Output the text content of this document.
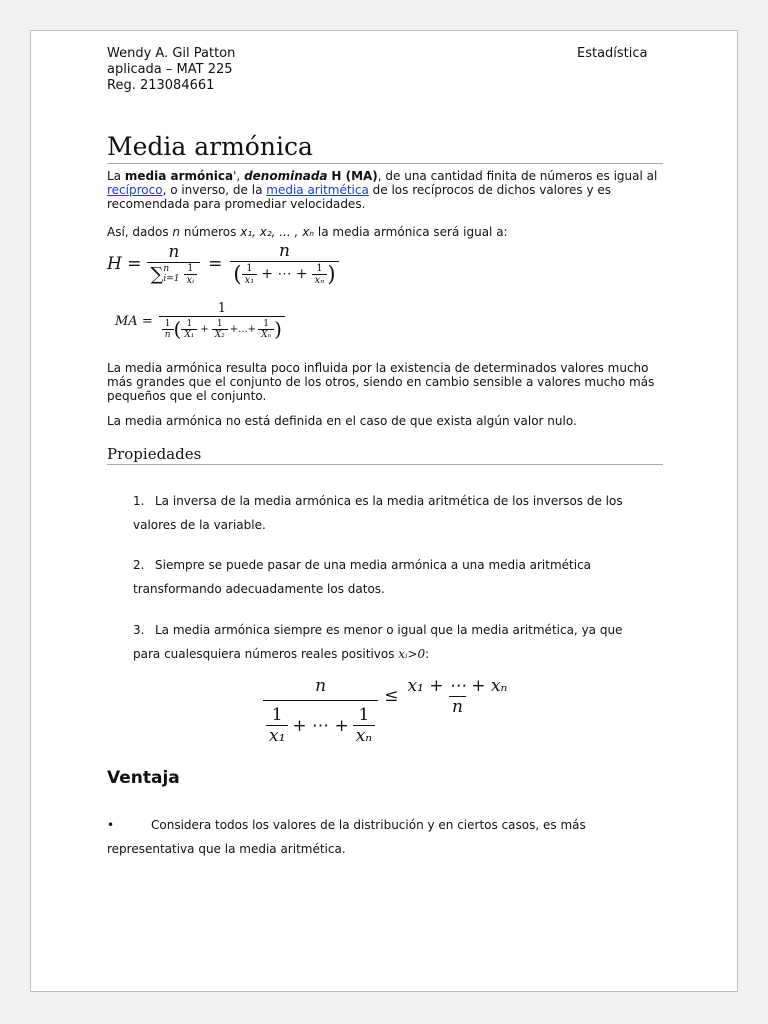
Wendy A. Gil Patton
aplicada – MAT 225
Reg. 213084661
Estadística
Media armónica

La media armónica', denominada H (MA), de una cantidad finita de números es igual al recíproco, o inverso, de la media aritmética de los recíprocos de dichos valores y es recomendada para promediar velocidades.

Así, dados n números x₁, x₂, ... , xₙ la media armónica será igual a:

H =
n
∑ n
$i=1 \frac{1}{\text{xᵢ}}$ =
n
( $\frac{1}{\text{x₁}}$ + ⋯ + $\frac{1}{\text{xₙ}}$ )
MA =
1
$\frac{1}{n}$ ( $\frac{1}{\text{X₁}} + \frac{1}{\text{X₂}}$ +...+ $\frac{1}{\text{Xₙ}}$ )

La media armónica resulta poco influida por la existencia de determinados valores mucho más grandes que el conjunto de los otros, siendo en cambio sensible a valores mucho más pequeños que el conjunto.

La media armónica no está definida en el caso de que exista algún valor nulo.

Propiedades
1. La inversa de la media armónica es la media aritmética de los inversos de los valores de la variable.
2. Siempre se puede pasar de una media armónica a una media aritmética transformando adecuadamente los datos.
3. La media armónica siempre es menor o igual que la media aritmética, ya que para cualesquiera números reales positivos xᵢ>0:
n
$\frac{1}{\text{x₁}}$ + ⋯ + $\frac{1}{\text{xₙ}}$
≤ $\frac{\text{x₁ + ⋯ + xₙ}}{n}$
Ventaja
•	Considera todos los valores de la distribución y en ciertos casos, es más representativa que la media aritmética.
